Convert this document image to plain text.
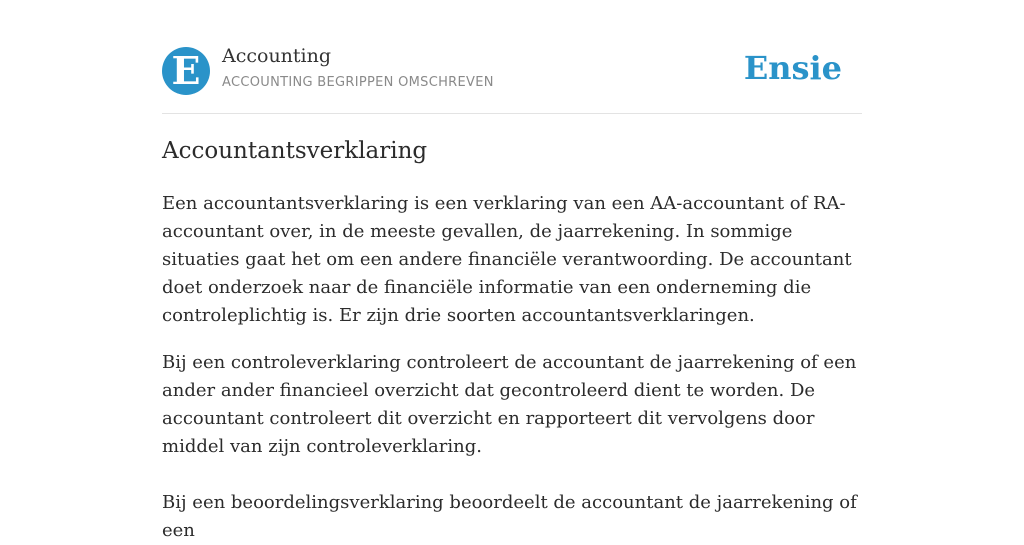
E	Accounting
ACCOUNTING BEGRIPPEN OMSCHREVEN	Ensie
Accountantsverklaring

Een accountantsverklaring is een verklaring van een AA-accountant of RA-accountant over, in de meeste gevallen, de jaarrekening. In sommige situaties gaat het om een andere financiële verantwoording. De accountant doet onderzoek naar de financiële informatie van een onderneming die controleplichtig is. Er zijn drie soorten accountantsverklaringen.

Bij een controleverklaring controleert de accountant de jaarrekening of een ander ander financieel overzicht dat gecontroleerd dient te worden. De accountant controleert dit overzicht en rapporteert dit vervolgens door middel van zijn controleverklaring.

Bij een beoordelingsverklaring beoordeelt de accountant de jaarrekening of een
